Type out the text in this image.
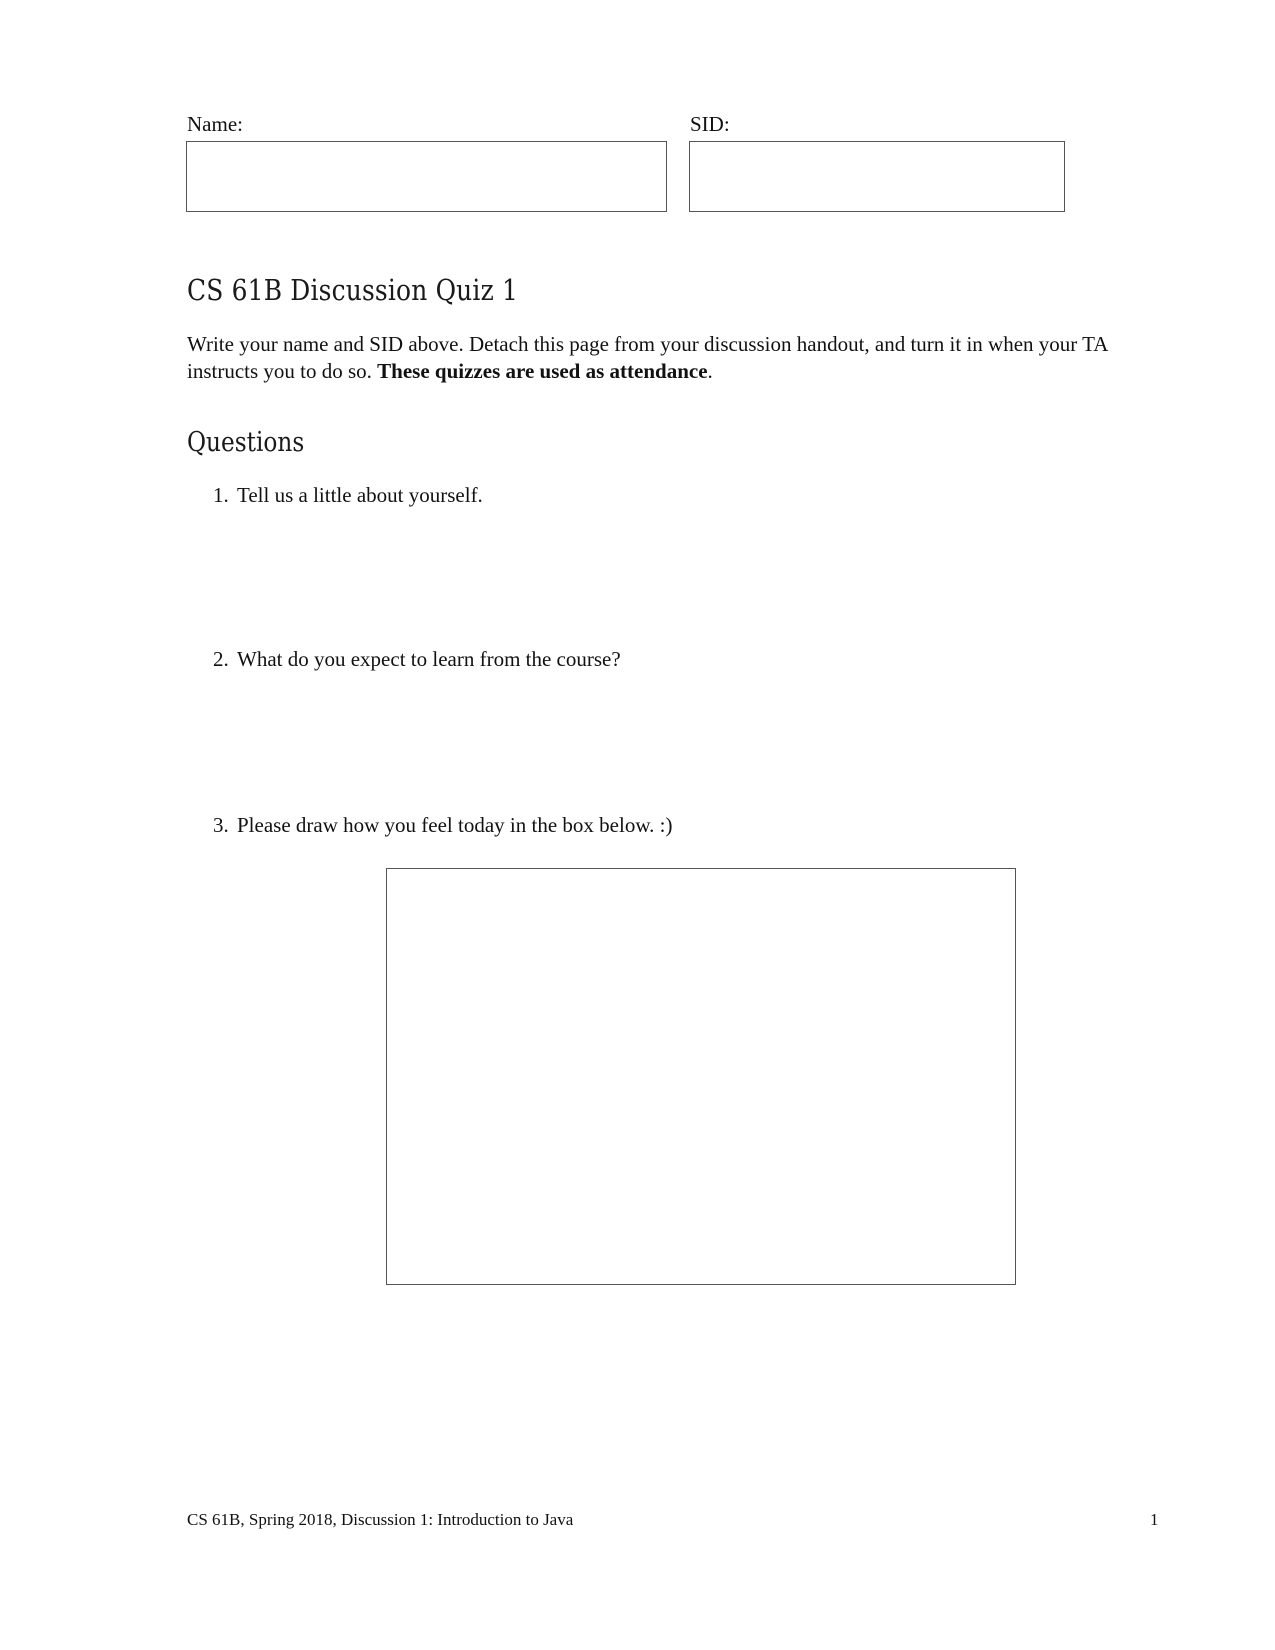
Name:	SID:
CS 61B Discussion Quiz 1
Write your name and SID above. Detach this page from your discussion handout, and turn it in when your TA instructs you to do so. These quizzes are used as attendance.
Questions
1. Tell us a little about yourself.
2. What do you expect to learn from the course?
3. Please draw how you feel today in the box below. :)
CS 61B, Spring 2018, Discussion 1: Introduction to Java	1
